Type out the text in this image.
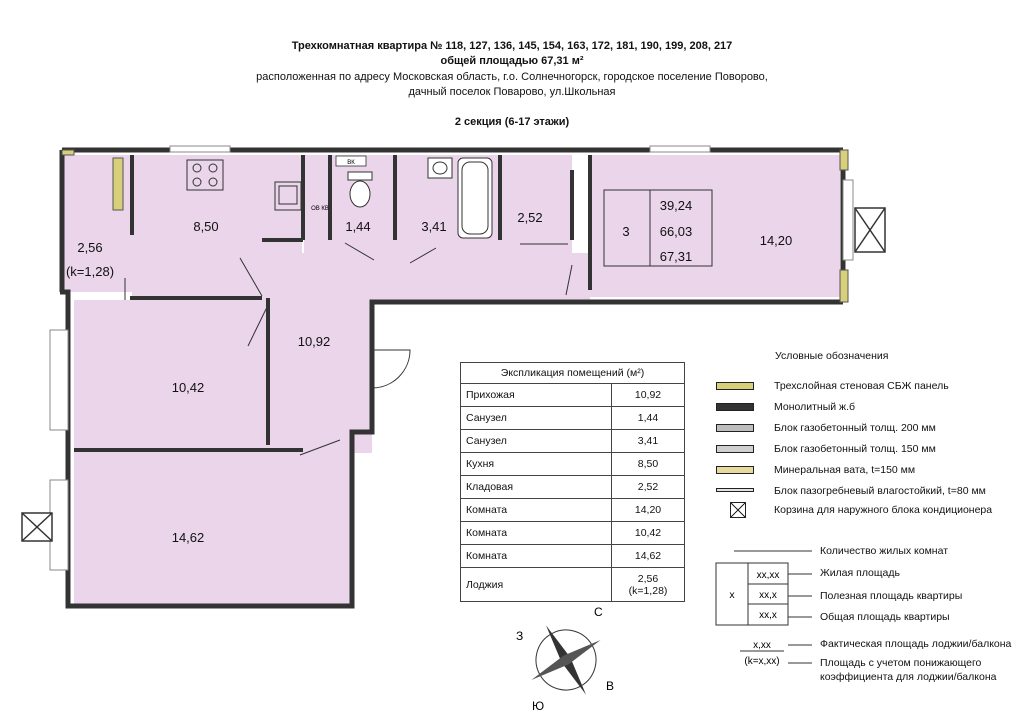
Трехкомнатная квартира № 118, 127, 136, 145, 154, 163, 172, 181, 190, 199, 208, 217
общей площадью 67,31 м²
расположенная по адресу Московская область, г.о. Солнечногорск, городское поселение Поворово,
дачный поселок Поварово, ул.Школьная
2 секция (6-17 этажи)
ВК
ОВ КВ
3
39,24
66,03
67,31
2,56
(k=1,28)
8,50	1,44	3,41
2,52
14,20
10,92
10,42
14,62
С
В
З
Ю
х
хх,хх
хх,х
хх,х
х,хх
(k=х,хх)
Экспликация помещений (м²)	
Прихожая	10,92
Санузел	1,44
Санузел	3,41
Кухня	8,50
Кладовая	2,52
Комната	14,20
Комната	10,42
Комната	14,62
Лоджия	2,56
(k=1,28)
Условные обозначения
Трехслойная стеновая СБЖ панель
Монолитный ж.б
Блок газобетонный толщ. 200 мм
Блок газобетонный толщ. 150 мм
Минеральная вата, t=150 мм
Блок пазогребневый влагостойкий, t=80 мм
Корзина для наружного блока кондиционера
Количество жилых комнат
Жилая площадь
Полезная площадь квартиры
Общая площадь квартиры
Фактическая площадь лоджии/балкона
Площадь с учетом понижающего
коэффициента для лоджии/балкона
